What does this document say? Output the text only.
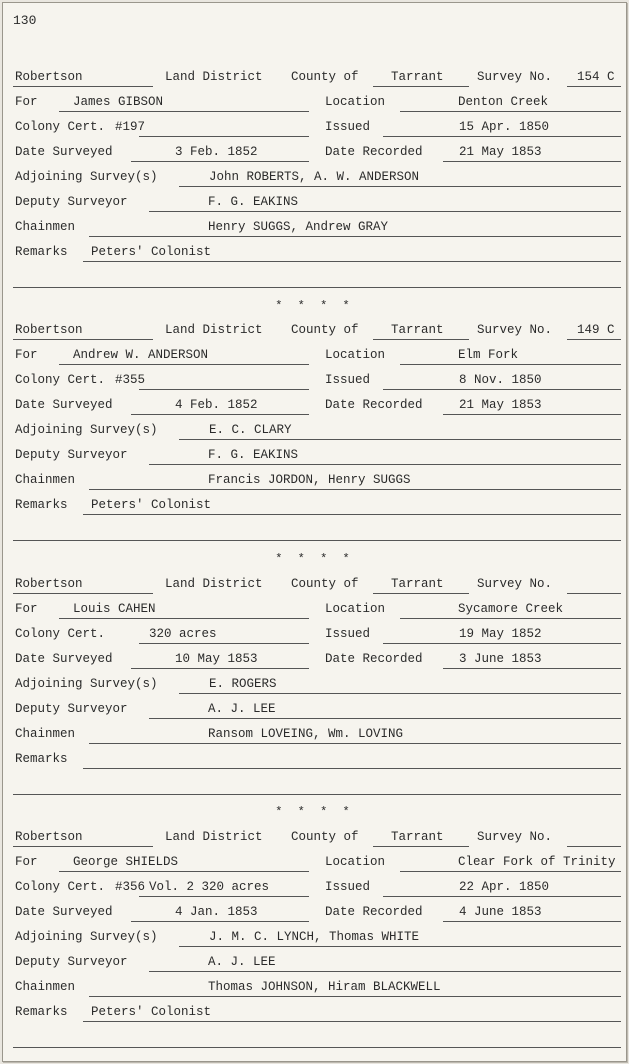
130
Robertson	Land District County of	Tarrant	Survey No. 154 C
For	James GIBSON	Location	Denton Creek
Colony Cert. #197	Issued	15 Apr. 1850
Date Surveyed	3 Feb. 1852	Date Recorded	21 May 1853
Adjoining Survey(s)	John ROBERTS, A. W. ANDERSON
Deputy Surveyor	F. G. EAKINS
Chainmen	Henry SUGGS, Andrew GRAY
Remarks Peters' Colonist
* * * *
Robertson	Land District County of	Tarrant	Survey No. 149 C
For	Andrew W. ANDERSON	Location	Elm Fork
Colony Cert. #355	Issued	8 Nov. 1850
Date Surveyed	4 Feb. 1852	Date Recorded	21 May 1853
Adjoining Survey(s)	E. C. CLARY
Deputy Surveyor	F. G. EAKINS
Chainmen	Francis JORDON, Henry SUGGS
Remarks Peters' Colonist
* * * *
Robertson	Land District County of	Tarrant	Survey No.
For	Louis CAHEN	Location	Sycamore Creek
Colony Cert.	320 acres	Issued	19 May 1852
Date Surveyed	10 May 1853	Date Recorded	3 June 1853
Adjoining Survey(s)	E. ROGERS
Deputy Surveyor	A. J. LEE
Chainmen	Ransom LOVEING, Wm. LOVING
Remarks
* * * *
Robertson	Land District County of	Tarrant	Survey No.
For	George SHIELDS	Location	Clear Fork of Trinity
Colony Cert. #356 Vol. 2 320 acres	Issued	22 Apr. 1850
Date Surveyed	4 Jan. 1853	Date Recorded	4 June 1853
Adjoining Survey(s)	J. M. C. LYNCH, Thomas WHITE
Deputy Surveyor	A. J. LEE
Chainmen	Thomas JOHNSON, Hiram BLACKWELL
Remarks Peters' Colonist
